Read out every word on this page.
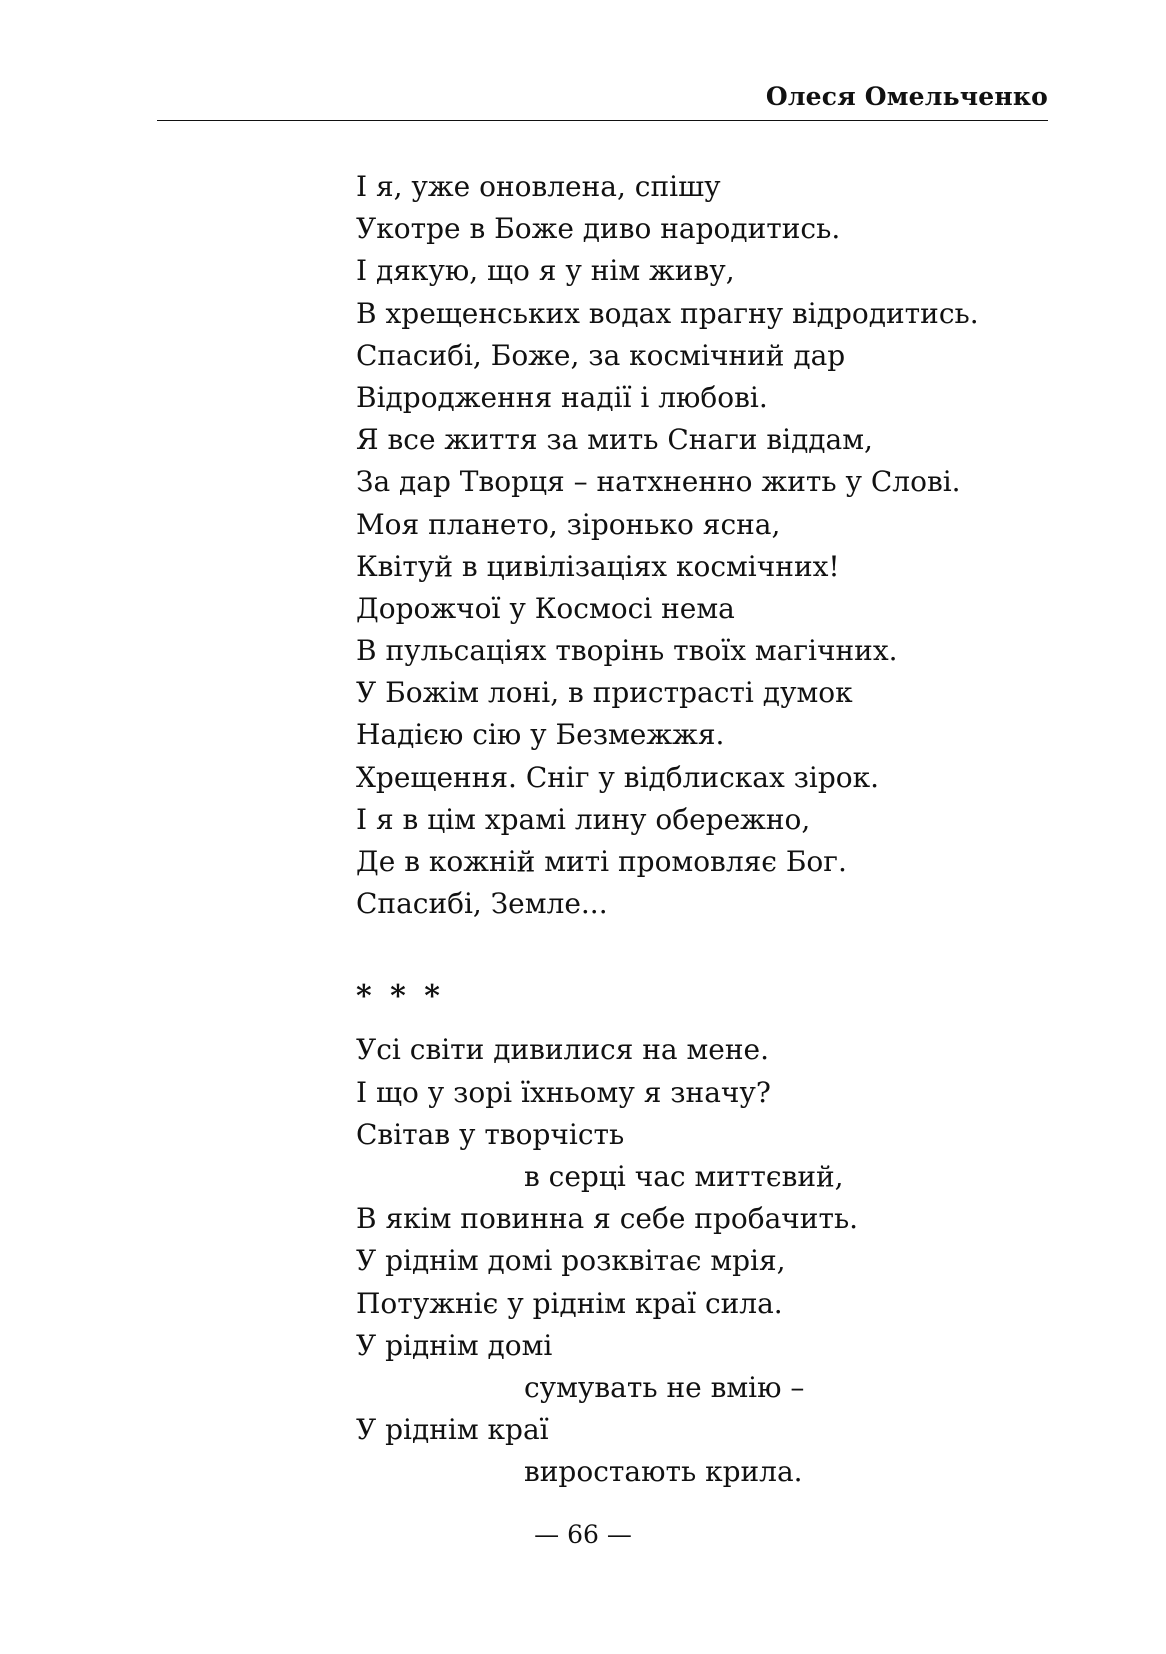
Олеся Омельченко
І я, уже оновлена, спішу
Укотре в Боже диво народитись.
І дякую, що я у нім живу,
В хрещенських водах прагну відродитись.
Спасибі, Боже, за космічний дар
Відродження надії і любові.
Я все життя за мить Снаги віддам,
За дар Творця – натхненно жить у Слові.
Моя плането, зіронько ясна,
Квітуй в цивілізаціях космічних!
Дорожчої у Космосі нема
В пульсаціях творінь твоїх магічних.
У Божім лоні, в пристрасті думок
Надією сію у Безмежжя.
Хрещення. Сніг у відблисках зірок.
І я в цім храмі лину обережно,
Де в кожній миті промовляє Бог.
Спасибі, Земле...
* * *
Усі світи дивилися на мене.
І що у зорі їхньому я значу?
Світав у творчість
в серці час миттєвий,
В якім повинна я себе пробачить.
У ріднім домі розквітає мрія,
Потужніє у ріднім краї сила.
У ріднім домі
сумувать не вмію –
У ріднім краї
виростають крила.
— 66 —
